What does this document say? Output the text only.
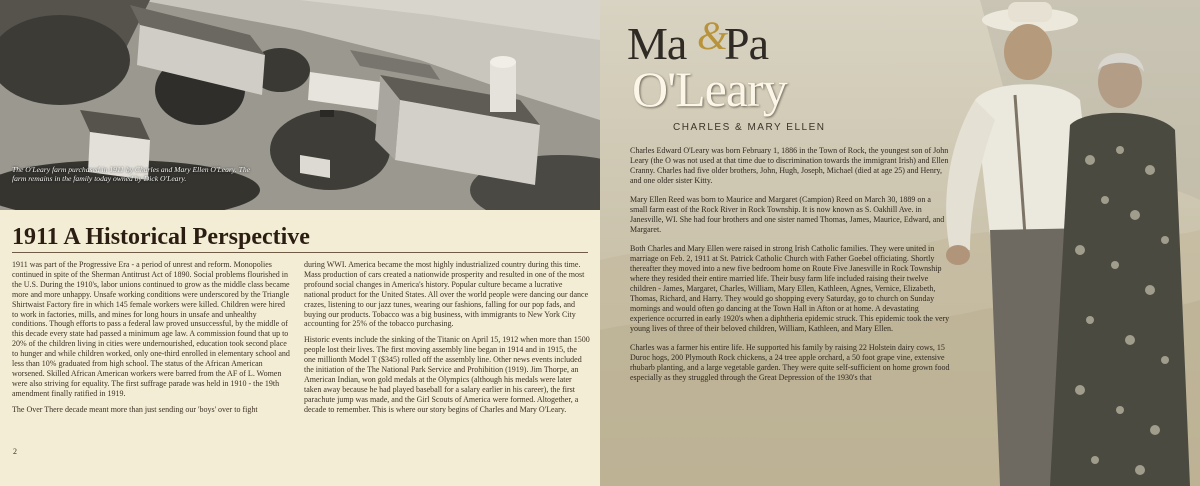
The O'Leary farm purchased in 1911 by Charles and Mary Ellen O'Leary. The farm remains in the family today owned by Dick O'Leary.
1911 A Historical Perspective

1911 was part of the Progressive Era - a period of unrest and reform. Monopolies continued in spite of the Sherman Antitrust Act of 1890. Social problems flourished in the U.S. During the 1910's, labor unions continued to grow as the middle class became more and more unhappy. Unsafe working conditions were underscored by the Triangle Shirtwaist Factory fire in which 145 female workers were killed. Children were hired to work in factories, mills, and mines for long hours in unsafe and unhealthy conditions. Though efforts to pass a federal law proved unsuccessful, by the middle of this decade every state had passed a minimum age law. A commission found that up to 20% of the children living in cities were undernourished, education took second place to hunger and while children worked, only one-third enrolled in elementary school and less than 10% graduated from high school. The status of the African American worsened. Skilled African American workers were barred from the AF of L. Women were also striving for equality. The first suffrage parade was held in 1910 - the 19th amendment finally ratified in 1919.

The Over There decade meant more than just sending our 'boys' over to fight

during WWI. America became the most highly industrialized country during this time. Mass production of cars created a nationwide prosperity and resulted in one of the most profound social changes in America's history. Popular culture became a lucrative national product for the United States. All over the world people were dancing our dance crazes, listening to our jazz tunes, wearing our fashions, falling for our pop fads, and buying our products. Tobacco was a big business, with immigrants to New York City accounting for 25% of the tobacco purchasing.

Historic events include the sinking of the Titanic on April 15, 1912 when more than 1500 people lost their lives. The first moving assembly line began in 1914 and in 1915, the one millionth Model T ($345) rolled off the assembly line. Other news events included the initiation of the The National Park Service and Prohibition (1919). Jim Thorpe, an American Indian, won gold medals at the Olympics (although his medals were later taken away because he had played baseball for a salary earlier in his career), the first parachute jump was made, and the Girl Scouts of America were formed. Altogether, a decade to remember. This is where our story begins of Charles and Mary O'Leary.

2
Ma &
Pa
O'Leary
CHARLES & MARY ELLEN

Charles Edward O'Leary was born February 1, 1886 in the Town of Rock, the youngest son of John Leary (the O was not used at that time due to discrimination towards the immigrant Irish) and Ellen Cranny. Charles had five older brothers, John, Hugh, Joseph, Michael (died at age 25) and Henry, and one older sister Kitty.

Mary Ellen Reed was born to Maurice and Margaret (Campion) Reed on March 30, 1889 on a small farm east of the Rock River in Rock Township. It is now known as S. Oakhill Ave. in Janesville, WI. She had four brothers and one sister named Thomas, James, Maurice, Edward, and Margaret.

Both Charles and Mary Ellen were raised in strong Irish Catholic families. They were united in marriage on Feb. 2, 1911 at St. Patrick Catholic Church with Father Goebel officiating. Shortly thereafter they moved into a new five bedroom home on Route Five Janesville in Rock Township where they resided their entire married life. Their busy farm life included raising their twelve children - James, Margaret, Charles, William, Mary Ellen, Kathleen, Agnes, Vernice, Elizabeth, Thomas, Richard, and Harry. They would go shopping every Saturday, go to church on Sunday mornings and would often go dancing at the Town Hall in Afton or at home. A devastating experience occurred in early 1920's when a diphtheria epidemic struck. This epidemic took the very young lives of three of their beloved children, William, Kathleen, and Mary Ellen.

Charles was a farmer his entire life. He supported his family by raising 22 Holstein dairy cows, 15 Duroc hogs, 200 Plymouth Rock chickens, a 24 tree apple orchard, a 50 foot grape vine, extensive rhubarb planting, and a large vegetable garden. They were quite self-sufficient on home grown food especially as they struggled through the Great Depression of the 1930's that
